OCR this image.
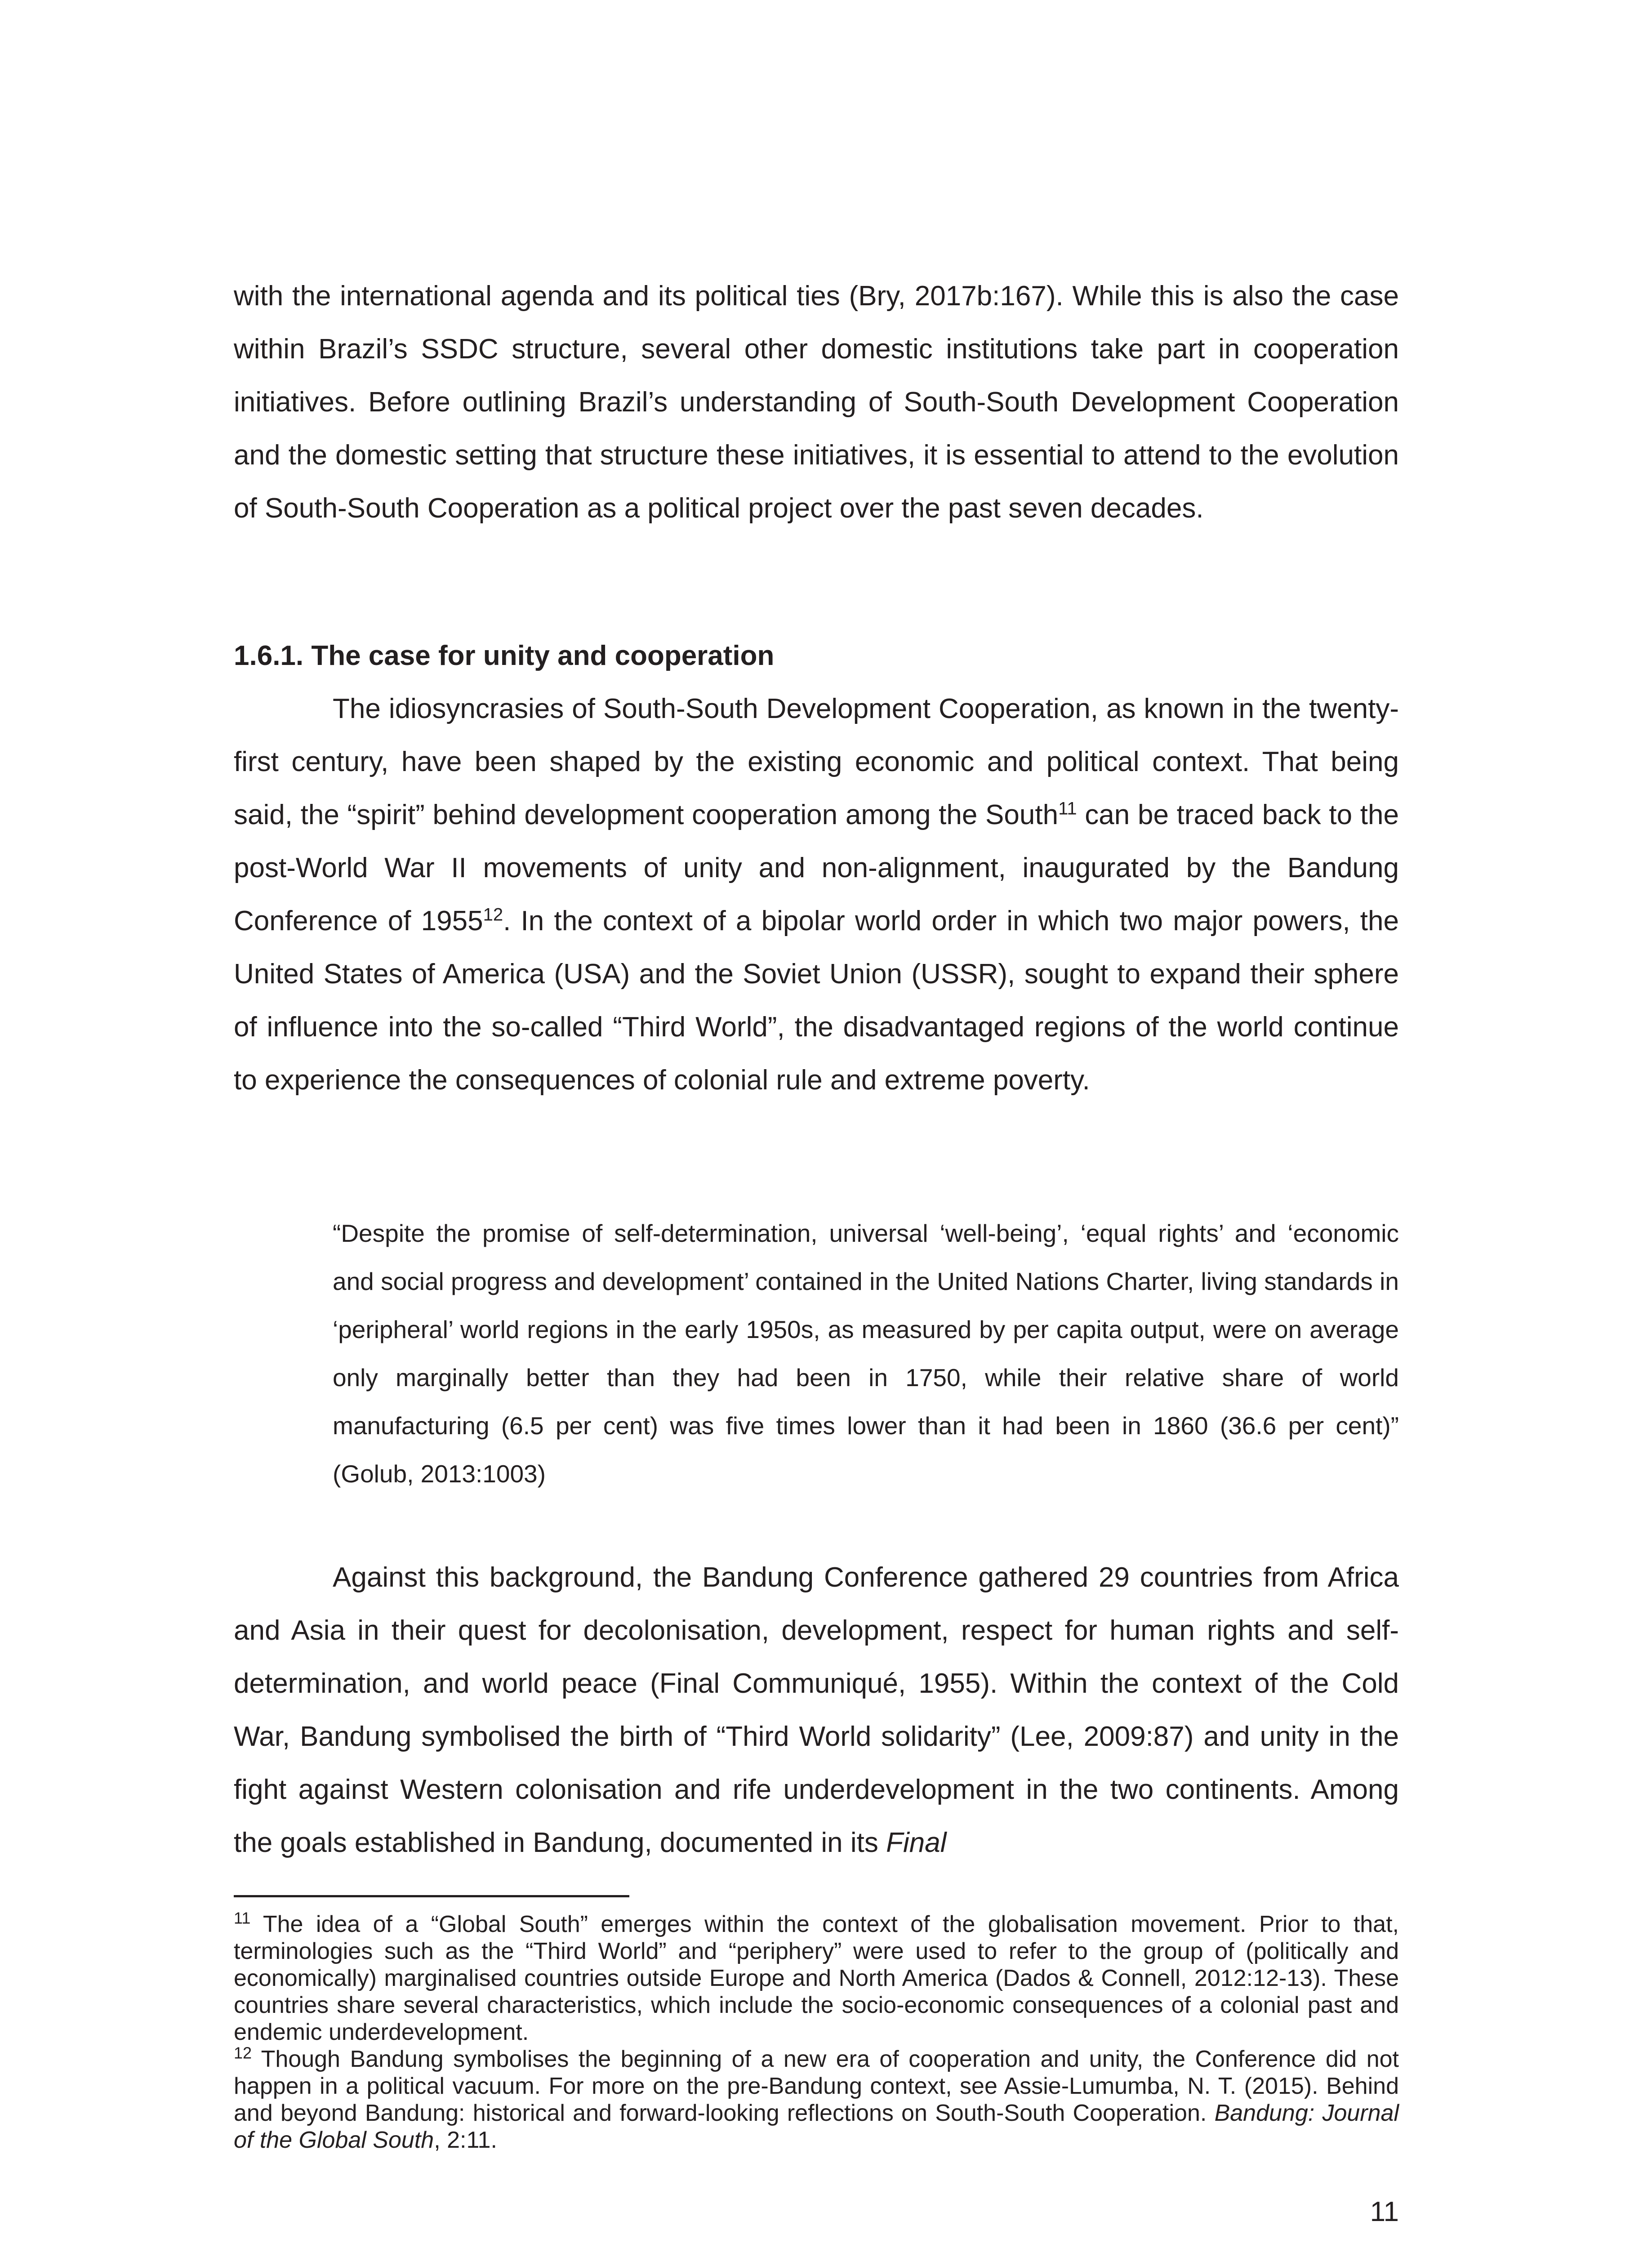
with the international agenda and its political ties (Bry, 2017b:167). While this is also the case within Brazil’s SSDC structure, several other domestic institutions take part in cooperation initiatives. Before outlining Brazil’s understanding of South-South Development Cooperation and the domestic setting that structure these initiatives, it is essential to attend to the evolution of South-South Cooperation as a political project over the past seven decades.

1.6.1. The case for unity and cooperation

The idiosyncrasies of South-South Development Cooperation, as known in the twenty-first century, have been shaped by the existing economic and political context. That being said, the “spirit” behind development cooperation among the South$^{11}$ can be traced back to the post-World War II movements of unity and non-alignment, inaugurated by the Bandung Conference of 1955$^{12}$. In the context of a bipolar world order in which two major powers, the United States of America (USA) and the Soviet Union (USSR), sought to expand their sphere of influence into the so-called “Third World”, the disadvantaged regions of the world continue to experience the consequences of colonial rule and extreme poverty.

“Despite the promise of self-determination, universal ‘well-being’, ‘equal rights’ and ‘economic and social progress and development’ contained in the United Nations Charter, living standards in ‘peripheral’ world regions in the early 1950s, as measured by per capita output, were on average only marginally better than they had been in 1750, while their relative share of world manufacturing (6.5 per cent) was five times lower than it had been in 1860 (36.6 per cent)” (Golub, 2013:1003)

Against this background, the Bandung Conference gathered 29 countries from Africa and Asia in their quest for decolonisation, development, respect for human rights and self-determination, and world peace (Final Communiqué, 1955). Within the context of the Cold War, Bandung symbolised the birth of “Third World solidarity” (Lee, 2009:87) and unity in the fight against Western colonisation and rife underdevelopment in the two continents. Among the goals established in Bandung, documented in its Final

$^{11}$ The idea of a “Global South” emerges within the context of the globalisation movement. Prior to that, terminologies such as the “Third World” and “periphery” were used to refer to the group of (politically and economically) marginalised countries outside Europe and North America (Dados & Connell, 2012:12-13). These countries share several characteristics, which include the socio-economic consequences of a colonial past and endemic underdevelopment.

$^{12}$ Though Bandung symbolises the beginning of a new era of cooperation and unity, the Conference did not happen in a political vacuum. For more on the pre-Bandung context, see Assie-Lumumba, N. T. (2015). Behind and beyond Bandung: historical and forward-looking reflections on South-South Cooperation. Bandung: Journal of the Global South, 2:11.

11
